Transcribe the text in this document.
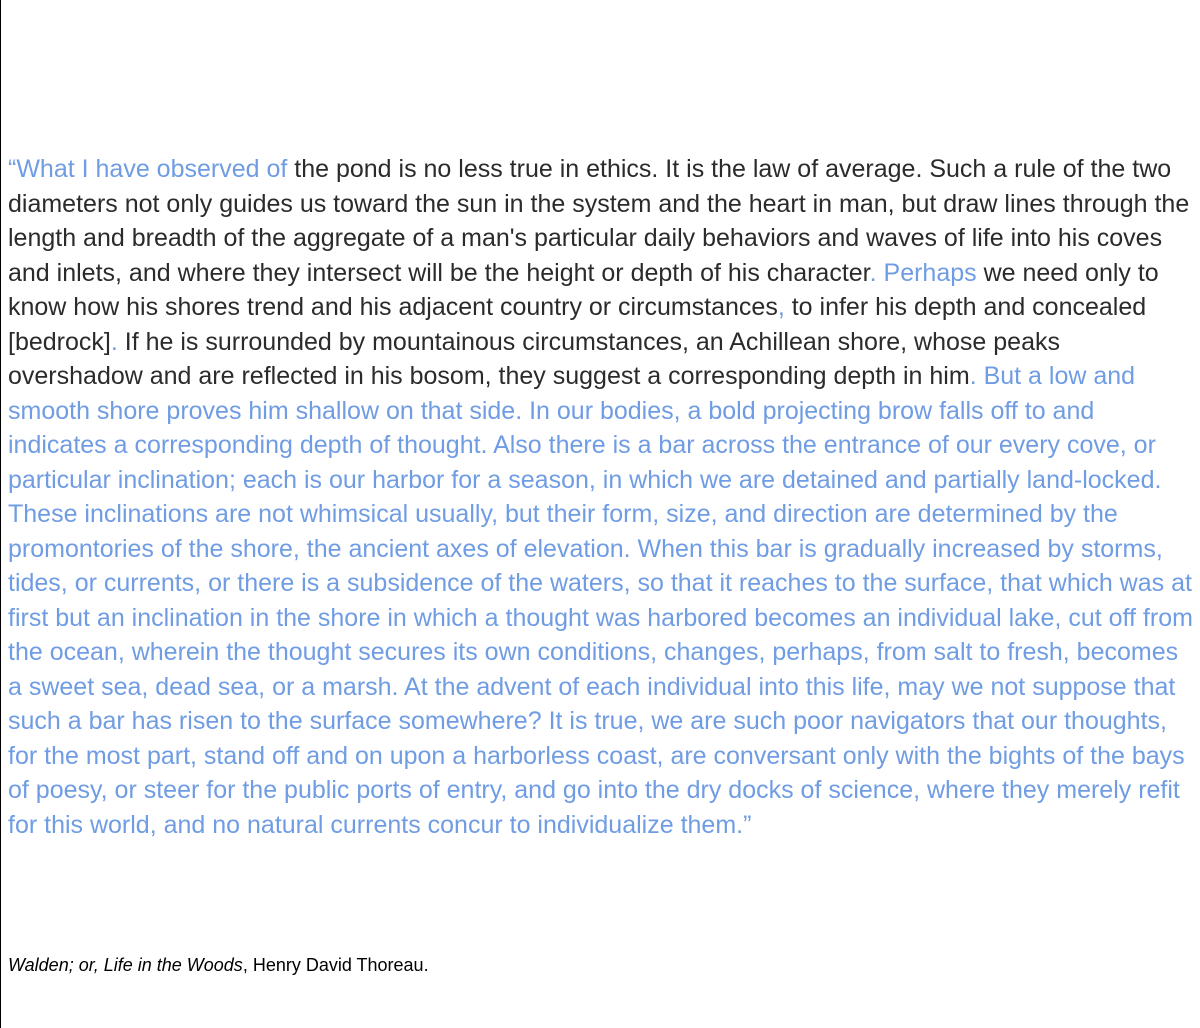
“What I have observed of the pond is no less true in ethics. It is the law of average. Such a rule of the two diameters not only guides us toward the sun in the system and the heart in man, but draw lines through the length and breadth of the aggregate of a man's particular daily behaviors and waves of life into his coves and inlets, and where they intersect will be the height or depth of his character. Perhaps we need only to know how his shores trend and his adjacent country or circumstances, to infer his depth and concealed [bedrock]. If he is surrounded by mountainous circumstances, an Achillean shore, whose peaks overshadow and are reflected in his bosom, they suggest a corresponding depth in him. But a low and smooth shore proves him shallow on that side. In our bodies, a bold projecting brow falls off to and indicates a corresponding depth of thought. Also there is a bar across the entrance of our every cove, or particular inclination; each is our harbor for a season, in which we are detained and partially land-locked. These inclinations are not whimsical usually, but their form, size, and direction are determined by the promontories of the shore, the ancient axes of elevation. When this bar is gradually increased by storms, tides, or currents, or there is a subsidence of the waters, so that it reaches to the surface, that which was at first but an inclination in the shore in which a thought was harbored becomes an individual lake, cut off from the ocean, wherein the thought secures its own conditions, changes, perhaps, from salt to fresh, becomes a sweet sea, dead sea, or a marsh. At the advent of each individual into this life, may we not suppose that such a bar has risen to the surface somewhere? It is true, we are such poor navigators that our thoughts, for the most part, stand off and on upon a harborless coast, are conversant only with the bights of the bays of poesy, or steer for the public ports of entry, and go into the dry docks of science, where they merely refit for this world, and no natural currents concur to individualize them.”

Walden; or, Life in the Woods, Henry David Thoreau.
